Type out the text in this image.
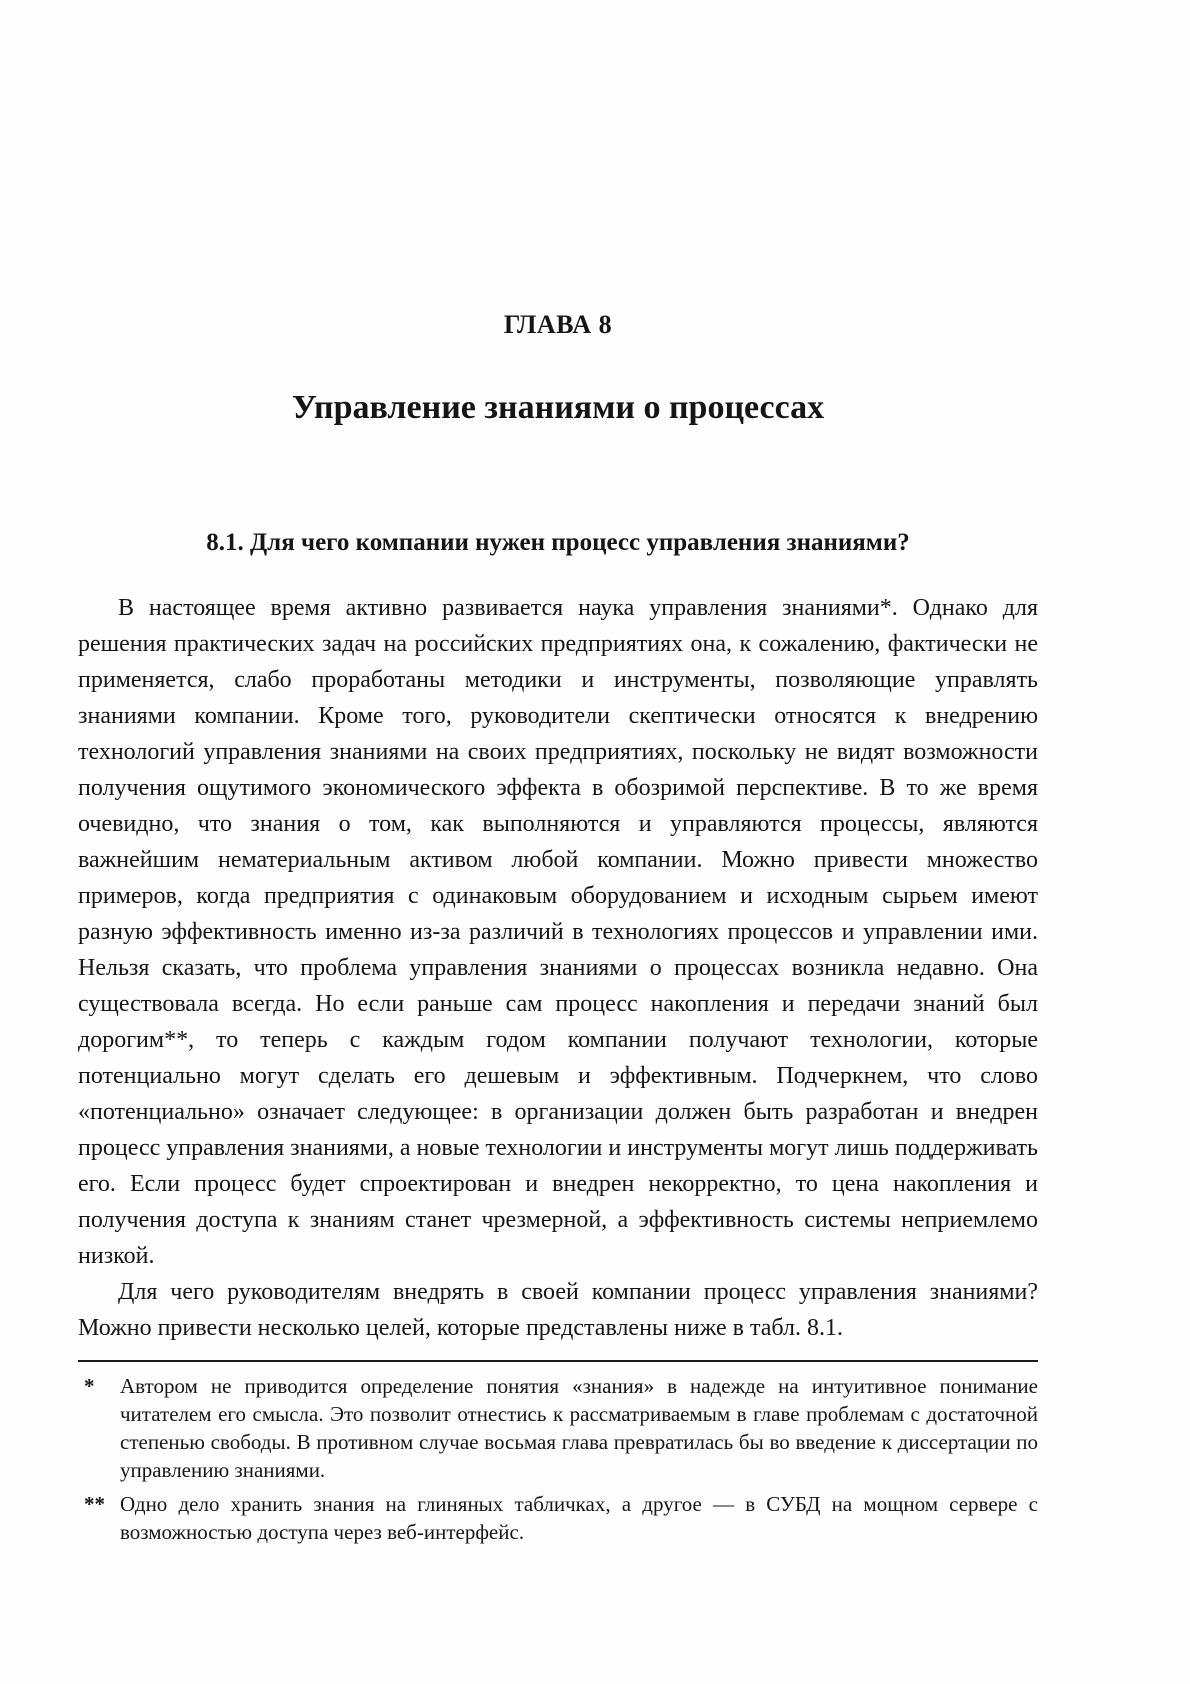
ГЛАВА 8
Управление знаниями о процессах
8.1. Для чего компании нужен процесс управления знаниями?

В настоящее время активно развивается наука управления знаниями*. Однако для решения практических задач на российских предприятиях она, к сожалению, фактически не применяется, слабо проработаны методики и инструменты, позволяющие управлять знаниями компании. Кроме того, руководители скептически относятся к внедрению технологий управления знаниями на своих предприятиях, поскольку не видят возможности получения ощутимого экономического эффекта в обозримой перспективе. В то же время очевидно, что знания о том, как выполняются и управляются процессы, являются важнейшим нематериальным активом любой компании. Можно привести множество примеров, когда предприятия с одинаковым оборудованием и исходным сырьем имеют разную эффективность именно из-за различий в технологиях процессов и управлении ими. Нельзя сказать, что проблема управления знаниями о процессах возникла недавно. Она существовала всегда. Но если раньше сам процесс накопления и передачи знаний был дорогим**, то теперь с каждым годом компании получают технологии, которые потенциально могут сделать его дешевым и эффективным. Подчеркнем, что слово «потенциально» означает следующее: в организации должен быть разработан и внедрен процесс управления знаниями, а новые технологии и инструменты могут лишь поддерживать его. Если процесс будет спроектирован и внедрен некорректно, то цена накопления и получения доступа к знаниям станет чрезмерной, а эффективность системы неприемлемо низкой.

Для чего руководителям внедрять в своей компании процесс управления знаниями? Можно привести несколько целей, которые представлены ниже в табл. 8.1.

*	Автором не приводится определение понятия «знания» в надежде на интуитивное понимание читателем его смысла. Это позволит отнестись к рассматриваемым в главе проблемам с достаточной степенью свободы. В противном случае восьмая глава превратилась бы во введение к диссертации по управлению знаниями.
** Одно дело хранить знания на глиняных табличках, а другое — в СУБД на мощном сервере с возможностью доступа через веб-интерфейс.
